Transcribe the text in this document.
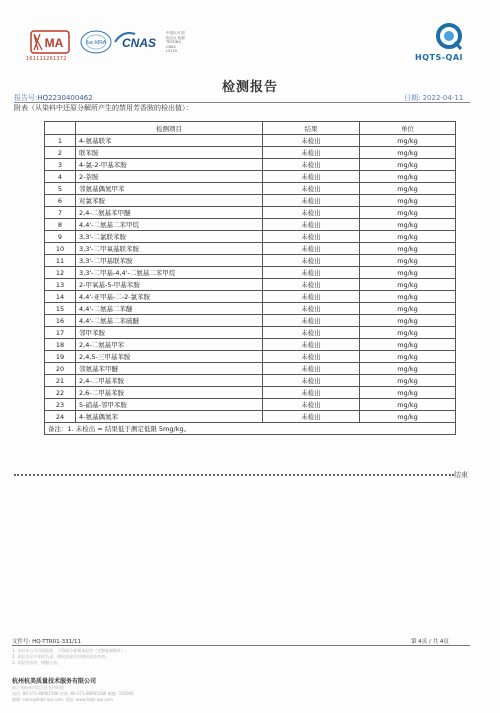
MA
161111261372
ilac-MRA CNAS
中国认可 国际互认 检测 TESTING CNAS L5129
HQTS-QAI
检测报告
报告号:HQ2230400462	日期: 2022-04-11
附表（从染料中还原分解所产生的禁用芳香胺的检出值）：
	检测项目	结果	单位
1	4-氨基联苯	未检出	mg/kg
2	联苯胺	未检出	mg/kg
3	4-氯-2-甲基苯胺	未检出	mg/kg
4	2-萘胺	未检出	mg/kg
5	邻氨基偶氮甲苯	未检出	mg/kg
6	对氯苯胺	未检出	mg/kg
7	2,4-二氨基苯甲醚	未检出	mg/kg
8	4,4'-二氨基二苯甲烷	未检出	mg/kg
9	3,3'-二氯联苯胺	未检出	mg/kg
10	3,3'-二甲氧基联苯胺	未检出	mg/kg
11	3,3'-二甲基联苯胺	未检出	mg/kg
12	3,3'-二甲基-4,4'-二氨基二苯甲烷	未检出	mg/kg
13	2-甲氧基-5-甲基苯胺	未检出	mg/kg
14	4,4'-亚甲基-二-2-氯苯胺	未检出	mg/kg
15	4,4'-二氨基二苯醚	未检出	mg/kg
16	4,4'-二氨基二苯硫醚	未检出	mg/kg
17	邻甲苯胺	未检出	mg/kg
18	2,4-二氨基甲苯	未检出	mg/kg
19	2,4,5-三甲基苯胺	未检出	mg/kg
20	邻氨基苯甲醚	未检出	mg/kg
21	2,4-二甲基苯胺	未检出	mg/kg
22	2,6-二甲基苯胺	未检出	mg/kg
23	5-硝基-邻甲苯胺	未检出	mg/kg
24	4-氨基偶氮苯	未检出	mg/kg
备注：1. 未检出 = 结果低于测定低限 5mg/kg。			
结束
文件号: HQ-TTR01-331/11	第 4页 / 共 4页
1. 未经本公司书面批准，不得部分复制本报告（完整复制除外）。
2. 本报告仅对来样负责，测试结果仅对测试样品有效。
3. 本报告涂改、增删无效。
杭州杭美质量技术服务有限公司
浙江省杭州市滨江区长河街道
电话: 86-571-88902198 传真: 86-571-88905286 邮编: 310000
邮箱: sales@hqts-qai.com, 网址: www.hqts-qai.com
